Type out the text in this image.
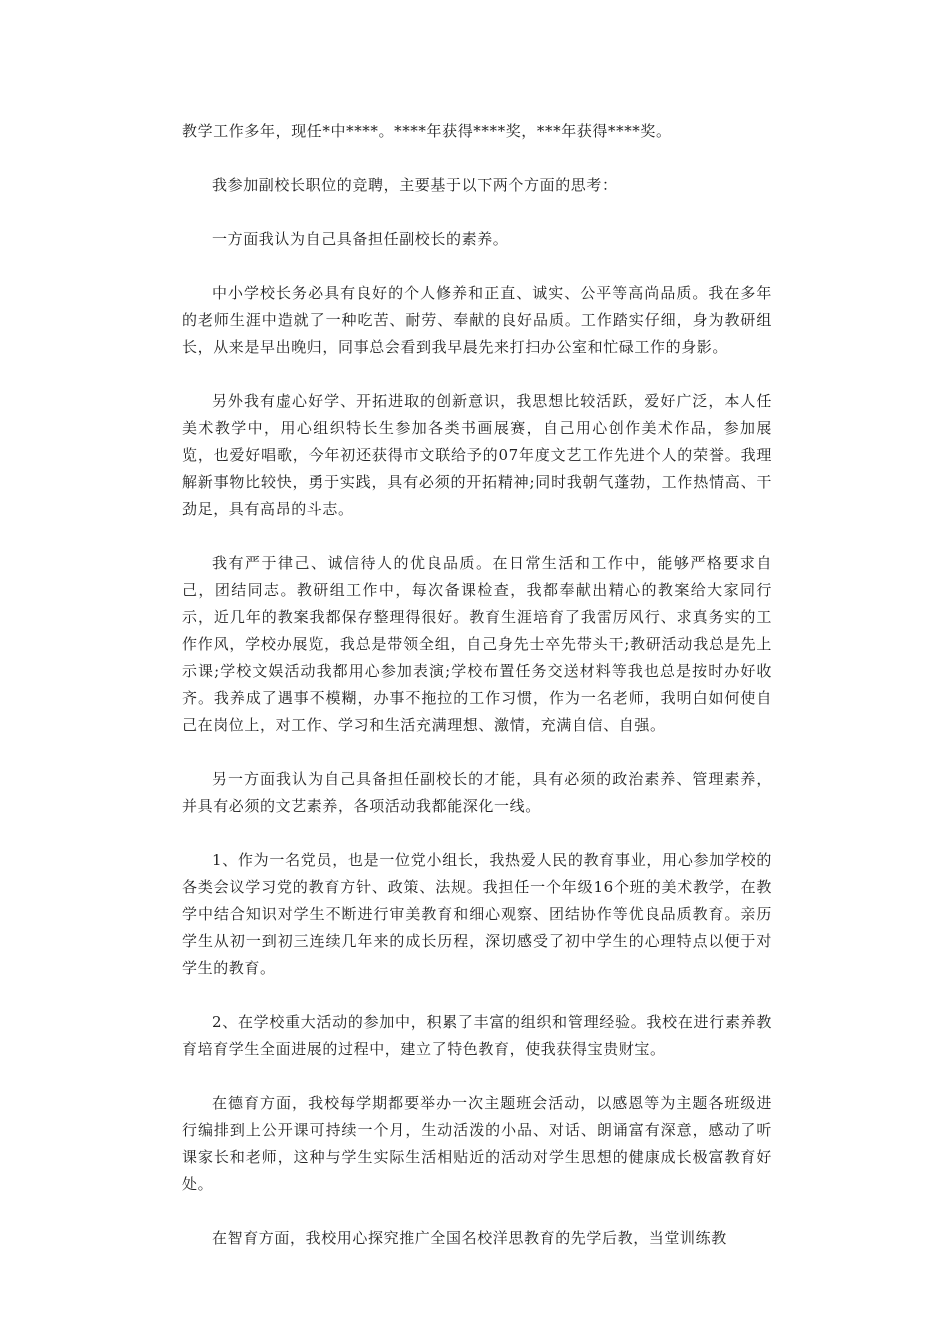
教学工作多年，现任*中****。****年获得****奖，***年获得****奖。

我参加副校长职位的竞聘，主要基于以下两个方面的思考：

一方面我认为自己具备担任副校长的素养。

中小学校长务必具有良好的个人修养和正直、诚实、公平等高尚品质。我在多年的老师生涯中造就了一种吃苦、耐劳、奉献的良好品质。工作踏实仔细，身为教研组长，从来是早出晚归，同事总会看到我早晨先来打扫办公室和忙碌工作的身影。

另外我有虚心好学、开拓进取的创新意识，我思想比较活跃，爱好广泛，本人任美术教学中，用心组织特长生参加各类书画展赛，自己用心创作美术作品，参加展览，也爱好唱歌，今年初还获得市文联给予的07年度文艺工作先进个人的荣誉。我理解新事物比较快，勇于实践，具有必须的开拓精神;同时我朝气蓬勃，工作热情高、干劲足，具有高昂的斗志。

我有严于律己、诚信待人的优良品质。在日常生活和工作中，能够严格要求自己，团结同志。教研组工作中，每次备课检查，我都奉献出精心的教案给大家同行示，近几年的教案我都保存整理得很好。教育生涯培育了我雷厉风行、求真务实的工作作风，学校办展览，我总是带领全组，自己身先士卒先带头干;教研活动我总是先上示课;学校文娱活动我都用心参加表演;学校布置任务交送材料等我也总是按时办好收齐。我养成了遇事不模糊，办事不拖拉的工作习惯，作为一名老师，我明白如何使自己在岗位上，对工作、学习和生活充满理想、激情，充满自信、自强。

另一方面我认为自己具备担任副校长的才能，具有必须的政治素养、管理素养，并具有必须的文艺素养，各项活动我都能深化一线。

1、作为一名党员，也是一位党小组长，我热爱人民的教育事业，用心参加学校的各类会议学习党的教育方针、政策、法规。我担任一个年级16个班的美术教学，在教学中结合知识对学生不断进行审美教育和细心观察、团结协作等优良品质教育。亲历学生从初一到初三连续几年来的成长历程，深切感受了初中学生的心理特点以便于对学生的教育。

2、在学校重大活动的参加中，积累了丰富的组织和管理经验。我校在进行素养教育培育学生全面进展的过程中，建立了特色教育，使我获得宝贵财宝。

在德育方面，我校每学期都要举办一次主题班会活动，以感恩等为主题各班级进行编排到上公开课可持续一个月，生动活泼的小品、对话、朗诵富有深意，感动了听课家长和老师，这种与学生实际生活相贴近的活动对学生思想的健康成长极富教育好处。

在智育方面，我校用心探究推广全国名校洋思教育的先学后教，当堂训练教
